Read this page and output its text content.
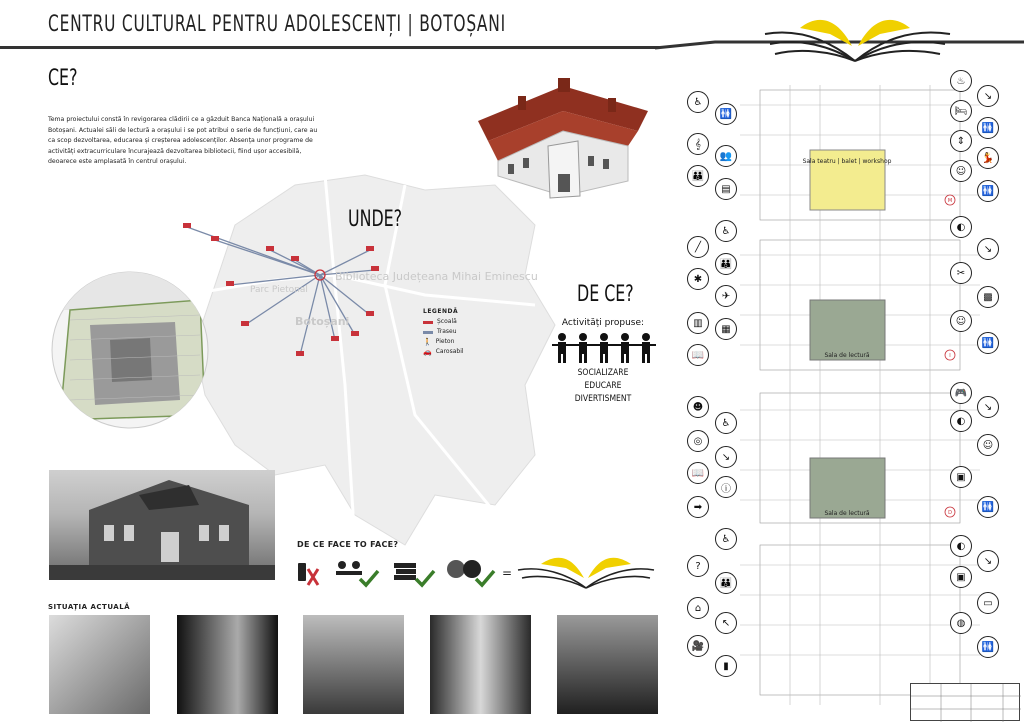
CENTRU CULTURAL PENTRU ADOLESCENȚI | BOTOȘANI
CE?
Tema proiectului constă în revigorarea clădirii ce a găzduit Banca Națională a orașului Botoșani. Actualei săli de lectură a orașului i se pot atribui o serie de funcțiuni, care au ca scop dezvoltarea, educarea și creșterea adolescenților. Absența unor programe de activități extracurriculare încurajează dezvoltarea bibliotecii, fiind ușor accesibilă, deoarece este amplasată în centrul orașului.
Biblioteca Județeana Mihai Eminescu
Botoșani
Parc Pietonal
UNDE?
LEGENDĂ
Școală
Traseu
🚶 Pieton
🚗 Carosabil
DE CE?
Activități propuse:
SOCIALIZARE
EDUCARE
DIVERTISMENT
DE CE FACE TO FACE?
=
SITUAȚIA ACTUALĂ
Sala teatru | balet | workshop
Sala de lectură
Sala de lectură
M
I
D
♿
🚻
𝄞
👥
👪
▤
╱
♿
✱
👪
✈
▥
▦
📖
☻
♿
◎
↘
📖
ⓘ
➡
♿
?
👪
⌂
↖
🎥
▮
♨
↘
🛏
🚻
⇕
💃
☺
🚻
◐
↘
✂
▩
☺
🚻
🎮
↘
◐
☺
▣
🚻
◐
↘
▣
▭
◍
🚻
